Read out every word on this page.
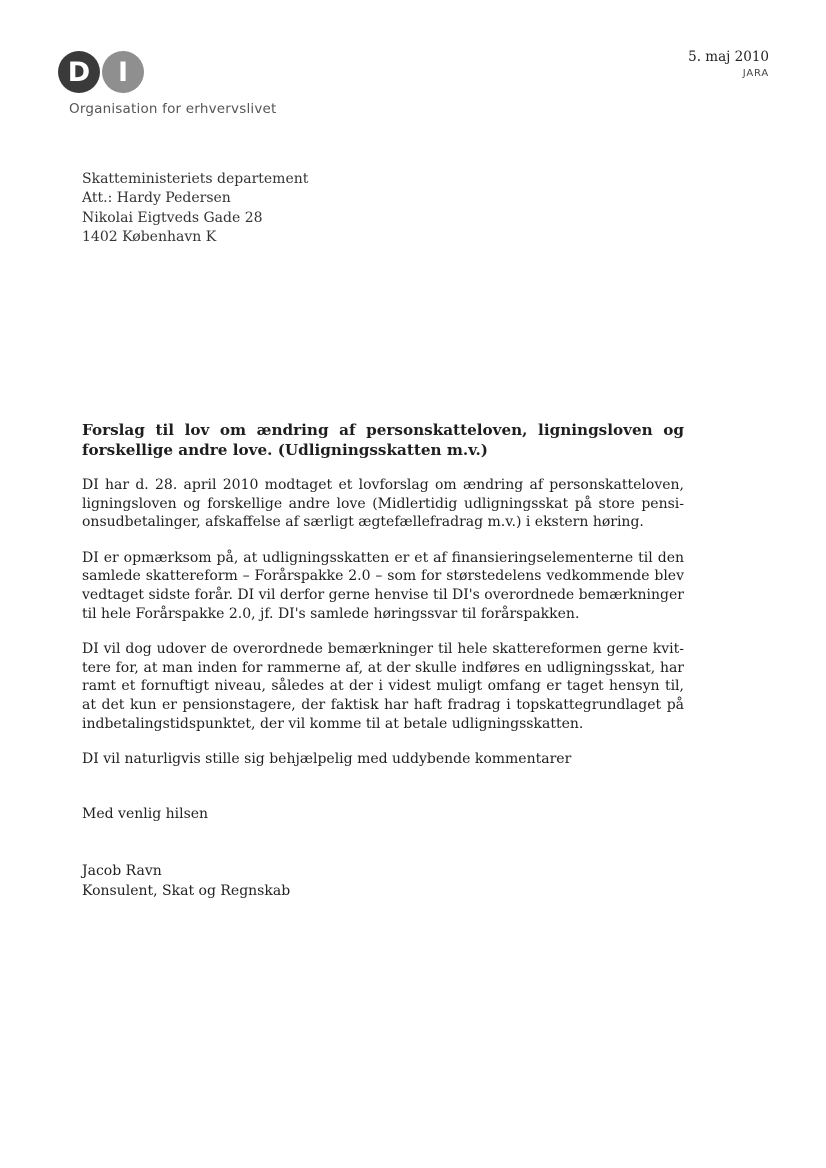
D	I
Organisation for erhvervslivet
5. maj 2010
JARA
Skatteministeriets departement
Att.: Hardy Pedersen
Nikolai Eigtveds Gade 28
1402 København K

Forslag til lov om ændring af personskatteloven, ligningsloven og forskellige andre love. (Udligningsskatten m.v.)

DI har d. 28. april 2010 modtaget et lovforslag om ændring af personskatteloven, ligningsloven og forskellige andre love (Midlertidig udligningsskat på store pensionsudbetalinger, afskaffelse af særligt ægtefællefradrag m.v.) i ekstern høring.

DI er opmærksom på, at udligningsskatten er et af finansieringselementerne til den samlede skattereform – Forårspakke 2.0 – som for størstedelens vedkommende blev vedtaget sidste forår. DI vil derfor gerne henvise til DI's overordnede bemærkninger til hele Forårspakke 2.0, jf. DI's samlede høringssvar til forårspakken.

DI vil dog udover de overordnede bemærkninger til hele skattereformen gerne kvittere for, at man inden for rammerne af, at der skulle indføres en udligningsskat, har ramt et fornuftigt niveau, således at der i videst muligt omfang er taget hensyn til, at det kun er pensionstagere, der faktisk har haft fradrag i topskattegrundlaget på indbetalingstidspunktet, der vil komme til at betale udligningsskatten.

DI vil naturligvis stille sig behjælpelig med uddybende kommentarer

Med venlig hilsen
Jacob Ravn
Konsulent, Skat og Regnskab
